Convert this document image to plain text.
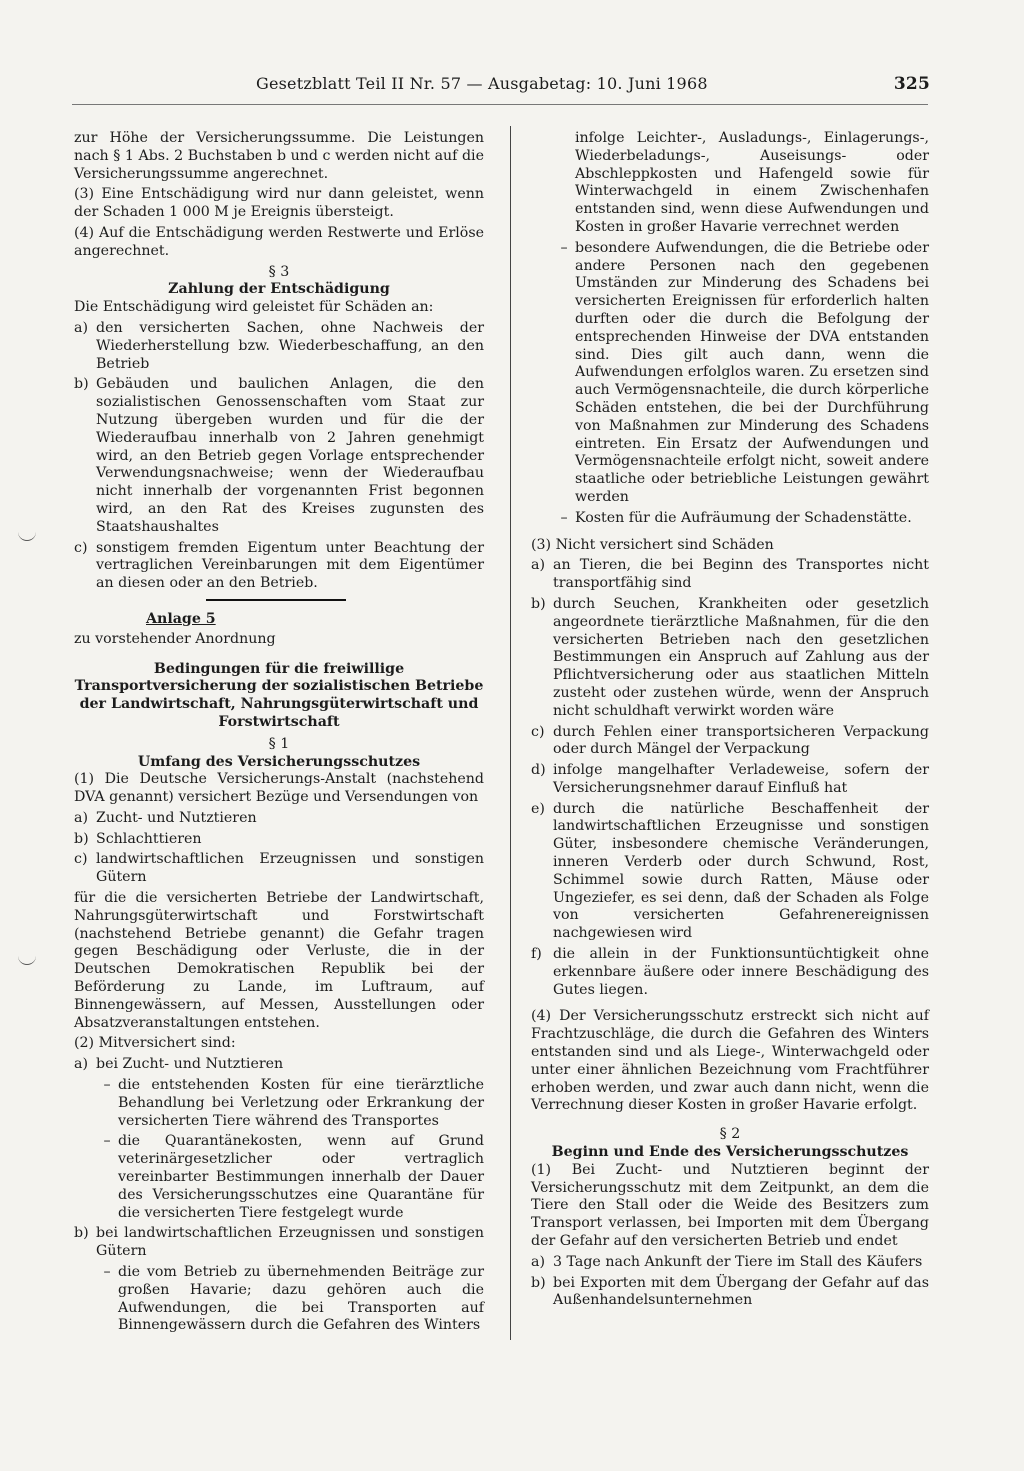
Gesetzblatt Teil II Nr. 57 — Ausgabetag: 10. Juni 1968	325

zur Höhe der Versicherungssumme. Die Leistungen nach § 1 Abs. 2 Buchstaben b und c werden nicht auf die Versicherungssumme angerechnet.

(3) Eine Entschädigung wird nur dann geleistet, wenn der Schaden 1 000 M je Ereignis übersteigt.

(4) Auf die Entschädigung werden Restwerte und Erlöse angerechnet.

§ 3
Zahlung der Entschädigung

Die Entschädigung wird geleistet für Schäden an:

a) den versicherten Sachen, ohne Nachweis der Wiederherstellung bzw. Wiederbeschaffung, an den Betrieb
b) Gebäuden und baulichen Anlagen, die den sozialistischen Genossenschaften vom Staat zur Nutzung übergeben wurden und für die der Wiederaufbau innerhalb von 2 Jahren genehmigt wird, an den Betrieb gegen Vorlage entsprechender Verwendungsnachweise; wenn der Wiederaufbau nicht innerhalb der vorgenannten Frist begonnen wird, an den Rat des Kreises zugunsten des Staatshaushaltes
c) sonstigem fremden Eigentum unter Beachtung der vertraglichen Vereinbarungen mit dem Eigentümer an diesen oder an den Betrieb.
Anlage 5
zu vorstehender Anordnung
Bedingungen für die freiwillige Transportversicherung der sozialistischen Betriebe der Landwirtschaft, Nahrungsgüterwirtschaft und Forstwirtschaft
§ 1
Umfang des Versicherungsschutzes

(1) Die Deutsche Versicherungs-Anstalt (nachstehend DVA genannt) versichert Bezüge und Versendungen von

a) Zucht- und Nutztieren
b) Schlachttieren
c) landwirtschaftlichen Erzeugnissen und sonstigen Gütern

für die die versicherten Betriebe der Landwirtschaft, Nahrungsgüterwirtschaft und Forstwirtschaft (nachstehend Betriebe genannt) die Gefahr tragen gegen Beschädigung oder Verluste, die in der Deutschen Demokratischen Republik bei der Beförderung zu Lande, im Luftraum, auf Binnengewässern, auf Messen, Ausstellungen oder Absatzveranstaltungen entstehen.

(2) Mitversichert sind:

a) bei Zucht- und Nutztieren
– die entstehenden Kosten für eine tierärztliche Behandlung bei Verletzung oder Erkrankung der versicherten Tiere während des Transportes
– die Quarantänekosten, wenn auf Grund veterinärgesetzlicher oder vertraglich vereinbarter Bestimmungen innerhalb der Dauer des Versicherungsschutzes eine Quarantäne für die versicherten Tiere festgelegt wurde
b) bei landwirtschaftlichen Erzeugnissen und sonstigen Gütern
– die vom Betrieb zu übernehmenden Beiträge zur großen Havarie; dazu gehören auch die Aufwendungen, die bei Transporten auf Binnengewässern durch die Gefahren des Winters
infolge Leichter-, Ausladungs-, Einlagerungs-, Wiederbeladungs-, Auseisungs- oder Abschleppkosten und Hafengeld sowie für Winterwachgeld in einem Zwischenhafen entstanden sind, wenn diese Aufwendungen und Kosten in großer Havarie verrechnet werden
– besondere Aufwendungen, die die Betriebe oder andere Personen nach den gegebenen Umständen zur Minderung des Schadens bei versicherten Ereignissen für erforderlich halten durften oder die durch die Befolgung der entsprechenden Hinweise der DVA entstanden sind. Dies gilt auch dann, wenn die Aufwendungen erfolglos waren. Zu ersetzen sind auch Vermögensnachteile, die durch körperliche Schäden entstehen, die bei der Durchführung von Maßnahmen zur Minderung des Schadens eintreten. Ein Ersatz der Aufwendungen und Vermögensnachteile erfolgt nicht, soweit andere staatliche oder betriebliche Leistungen gewährt werden
– Kosten für die Aufräumung der Schadenstätte.

(3) Nicht versichert sind Schäden

a) an Tieren, die bei Beginn des Transportes nicht transportfähig sind
b) durch Seuchen, Krankheiten oder gesetzlich angeordnete tierärztliche Maßnahmen, für die den versicherten Betrieben nach den gesetzlichen Bestimmungen ein Anspruch auf Zahlung aus der Pflichtversicherung oder aus staatlichen Mitteln zusteht oder zustehen würde, wenn der Anspruch nicht schuldhaft verwirkt worden wäre
c) durch Fehlen einer transportsicheren Verpackung oder durch Mängel der Verpackung
d) infolge mangelhafter Verladeweise, sofern der Versicherungsnehmer darauf Einfluß hat
e) durch die natürliche Beschaffenheit der landwirtschaftlichen Erzeugnisse und sonstigen Güter, insbesondere chemische Veränderungen, inneren Verderb oder durch Schwund, Rost, Schimmel sowie durch Ratten, Mäuse oder Ungeziefer, es sei denn, daß der Schaden als Folge von versicherten Gefahrenereignissen nachgewiesen wird
f) die allein in der Funktionsuntüchtigkeit ohne erkennbare äußere oder innere Beschädigung des Gutes liegen.

(4) Der Versicherungsschutz erstreckt sich nicht auf Frachtzuschläge, die durch die Gefahren des Winters entstanden sind und als Liege-, Winterwachgeld oder unter einer ähnlichen Bezeichnung vom Frachtführer erhoben werden, und zwar auch dann nicht, wenn die Verrechnung dieser Kosten in großer Havarie erfolgt.

§ 2
Beginn und Ende des Versicherungsschutzes

(1) Bei Zucht- und Nutztieren beginnt der Versicherungsschutz mit dem Zeitpunkt, an dem die Tiere den Stall oder die Weide des Besitzers zum Transport verlassen, bei Importen mit dem Übergang der Gefahr auf den versicherten Betrieb und endet

a) 3 Tage nach Ankunft der Tiere im Stall des Käufers
b) bei Exporten mit dem Übergang der Gefahr auf das Außenhandelsunternehmen
